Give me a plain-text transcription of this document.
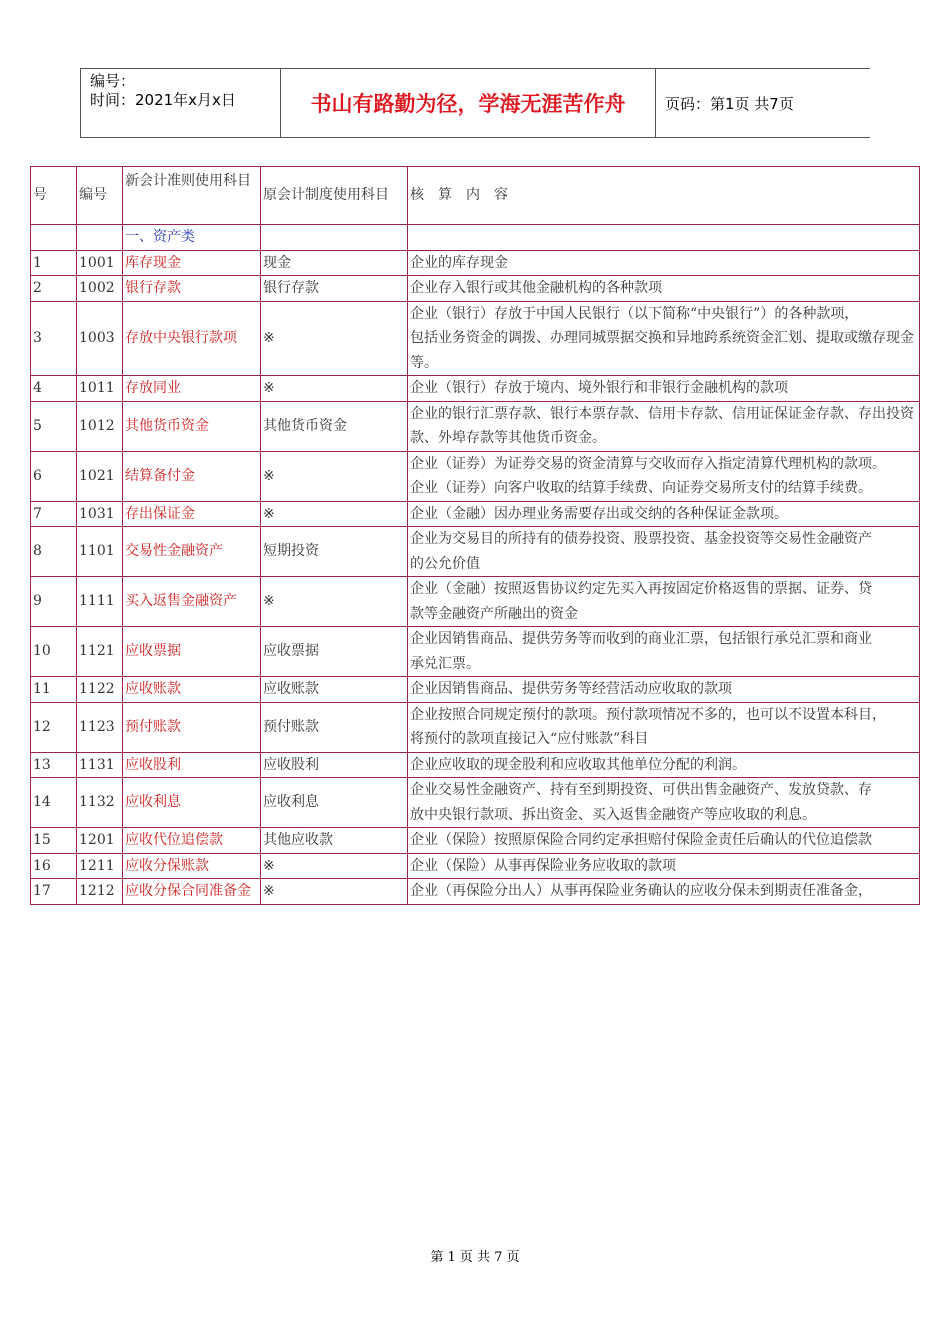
编号：
时间：2021年x月x日	书山有路勤为径，学海无涯苦作舟	页码：第1页 共7页
号	编号	新会计准则使用科目	原会计制度使用科目	核　算　内　容
		一、资产类		
1	1001	库存现金	现金	企业的库存现金

2	1002	银行存款	银行存款	企业存入银行或其他金融机构的各种款项

3	1003	存放中央银行款项	※	企业（银行）存放于中国人民银行（以下简称“中央银行”）的各种款项，
包括业务资金的调拨、办理同城票据交换和异地跨系统资金汇划、提取或缴存现金等。

4	1011	存放同业	※	企业（银行）存放于境内、境外银行和非银行金融机构的款项

5	1012	其他货币资金	其他货币资金	企业的银行汇票存款、银行本票存款、信用卡存款、信用证保证金存款、存出投资款、外埠存款等其他货币资金。

6	1021	结算备付金	※	企业（证券）为证券交易的资金清算与交收而存入指定清算代理机构的款项。
企业（证券）向客户收取的结算手续费、向证券交易所支付的结算手续费。

7	1031	存出保证金	※	企业（金融）因办理业务需要存出或交纳的各种保证金款项。

8	1101	交易性金融资产	短期投资	企业为交易目的所持有的债券投资、股票投资、基金投资等交易性金融资产
的公允价值

9	1111	买入返售金融资产	※	企业（金融）按照返售协议约定先买入再按固定价格返售的票据、证券、贷
款等金融资产所融出的资金

10	1121	应收票据	应收票据	企业因销售商品、提供劳务等而收到的商业汇票，包括银行承兑汇票和商业
承兑汇票。

11	1122	应收账款	应收账款	企业因销售商品、提供劳务等经营活动应收取的款项

12	1123	预付账款	预付账款	企业按照合同规定预付的款项。预付款项情况不多的，也可以不设置本科目，
将预付的款项直接记入“应付账款”科目

13	1131	应收股利	应收股利	企业应收取的现金股利和应收取其他单位分配的利润。

14	1132	应收利息	应收利息	企业交易性金融资产、持有至到期投资、可供出售金融资产、发放贷款、存
放中央银行款项、拆出资金、买入返售金融资产等应收取的利息。

15	1201	应收代位追偿款	其他应收款	企业（保险）按照原保险合同约定承担赔付保险金责任后确认的代位追偿款

16	1211	应收分保账款	※	企业（保险）从事再保险业务应收取的款项

17	1212	应收分保合同准备金	※	企业（再保险分出人）从事再保险业务确认的应收分保未到期责任准备金，
第 1 页 共 7 页
